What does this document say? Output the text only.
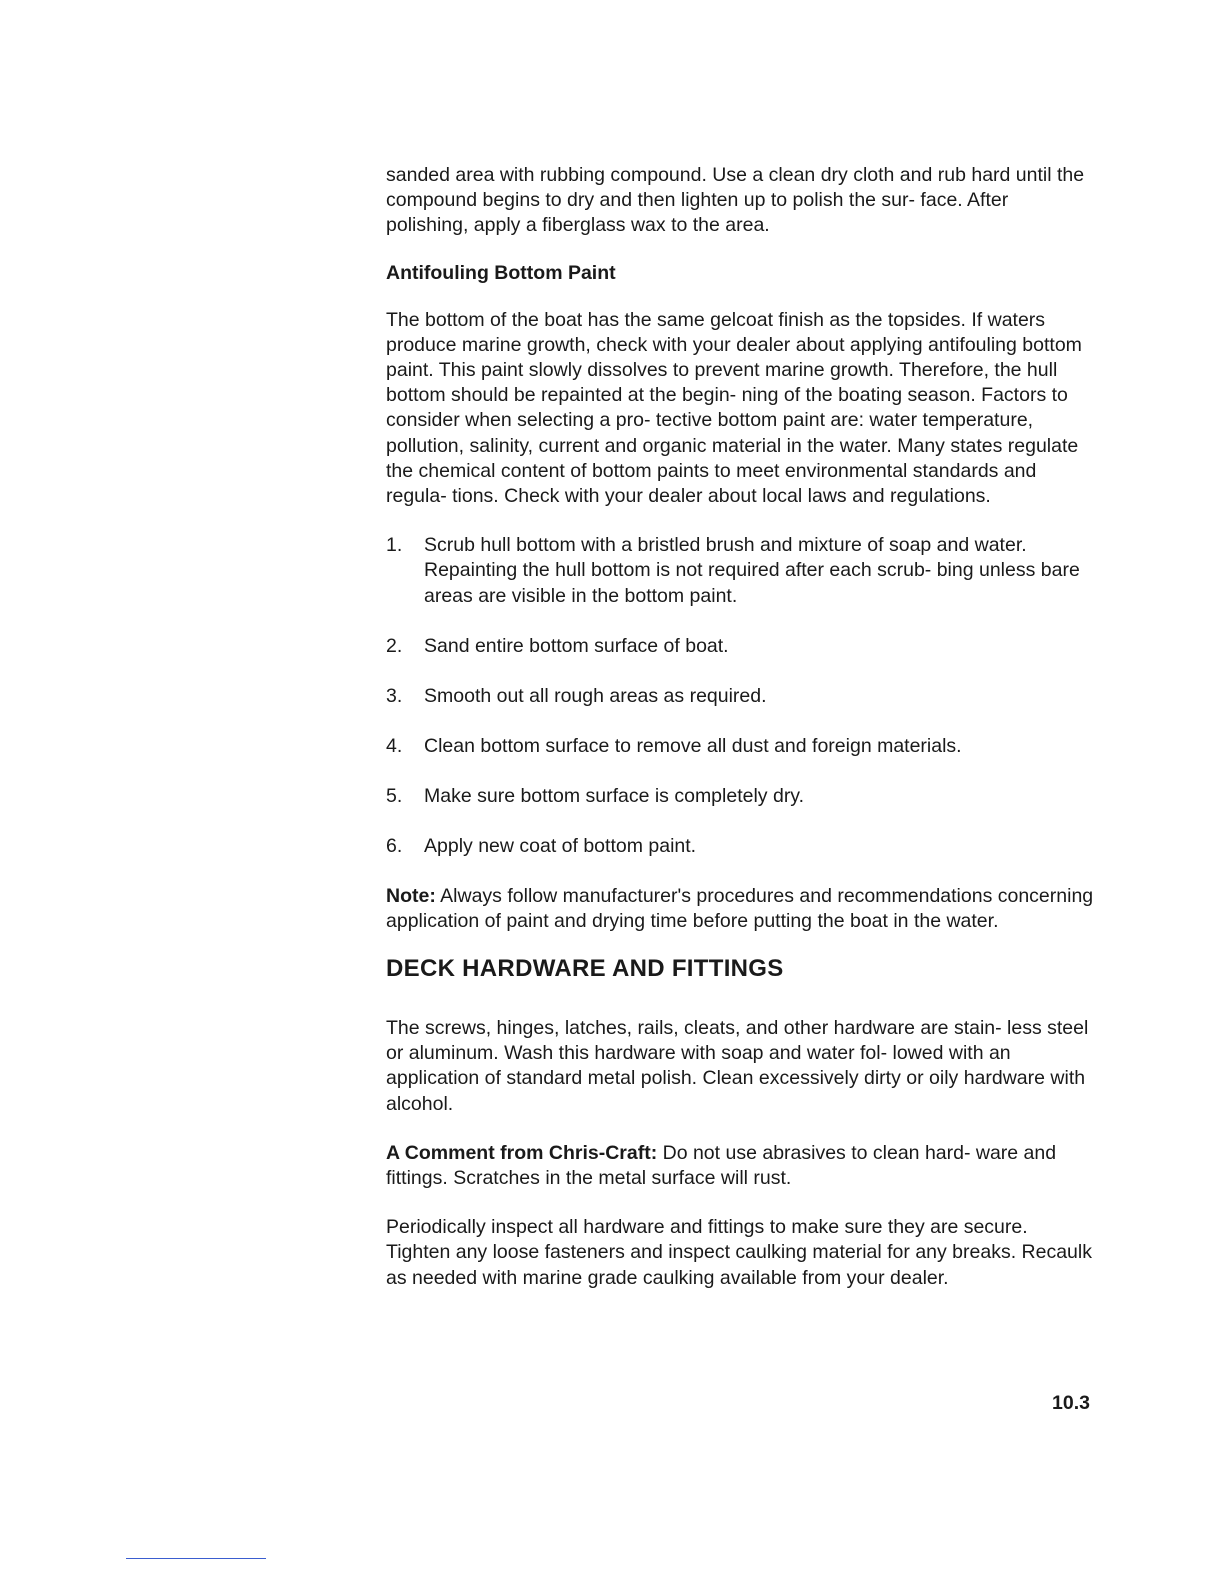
sanded area with rubbing compound. Use a clean dry cloth and rub hard until the compound begins to dry and then lighten up to polish the sur- face. After polishing, apply a fiberglass wax to the area.

Antifouling Bottom Paint

The bottom of the boat has the same gelcoat finish as the topsides. If waters produce marine growth, check with your dealer about applying antifouling bottom paint. This paint slowly dissolves to prevent marine growth. Therefore, the hull bottom should be repainted at the begin- ning of the boating season. Factors to consider when selecting a pro- tective bottom paint are: water temperature, pollution, salinity, current and organic material in the water. Many states regulate the chemical content of bottom paints to meet environmental standards and regula- tions. Check with your dealer about local laws and regulations.

1.	Scrub hull bottom with a bristled brush and mixture of soap and water. Repainting the hull bottom is not required after each scrub- bing unless bare areas are visible in the bottom paint.
2.	Sand entire bottom surface of boat.
3.	Smooth out all rough areas as required.
4.	Clean bottom surface to remove all dust and foreign materials.
5.	Make sure bottom surface is completely dry.
6.	Apply new coat of bottom paint.

Note: Always follow manufacturer's procedures and recommendations concerning application of paint and drying time before putting the boat in the water.

DECK HARDWARE AND FITTINGS

The screws, hinges, latches, rails, cleats, and other hardware are stain- less steel or aluminum. Wash this hardware with soap and water fol- lowed with an application of standard metal polish. Clean excessively dirty or oily hardware with alcohol.

A Comment from Chris-Craft: Do not use abrasives to clean hard- ware and fittings. Scratches in the metal surface will rust.

Periodically inspect all hardware and fittings to make sure they are secure. Tighten any loose fasteners and inspect caulking material for any breaks. Recaulk as needed with marine grade caulking available from your dealer.

10.3
